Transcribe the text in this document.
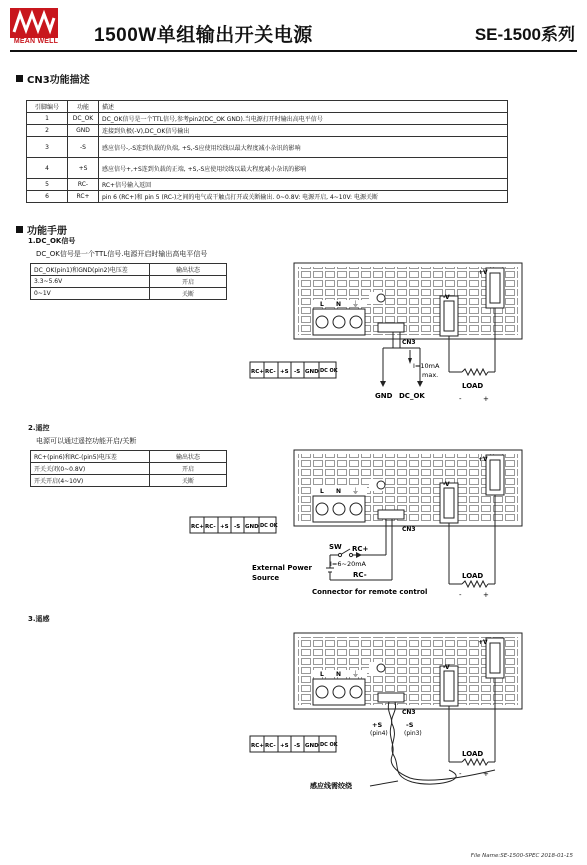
MEAN WELL	1500W单组输出开关电源	SE-1500系列
CN3功能描述
引脚编号	功能	描述
1	DC_OK	DC_OK信号是一个TTL信号,参考pin2(DC_OK GND).当电源打开时输出高电平信号
2	GND	连接到负极(-V),DC_OK信号输出
3	-S	感应信号-,-S连到负载的负端, +S,-S应使用绞线以最大程度减小杂讯的影响
4	+S	感应信号+,+S连到负载的正端, +S,-S应使用绞线以最大程度减小杂讯的影响
5	RC-	RC+信号输入返回
6	RC+	pin 6 (RC+)和 pin 5 (RC-)之间的电气或干触点打开或关断输出. 0~0.8V: 电源开启, 4~10V: 电源关断
功能手册
1.DC_OK信号
DC_OK信号是一个TTL信号.电源开启时输出高电平信号
DC_OK(pin1)和GND(pin2)电压差	输出状态
3.3~5.6V	开启
0~1V	关断
2.遥控
电源可以通过遥控功能开启/关断
RC+(pin6)和RC-(pin5)电压差	输出状态
开关关闭(0~0.8V)	开启
开关开启(4~10V)	关断
3.遥感
L N ⏚
CN3
-V
+V
LOAD
-	+
I=10mA
max.
GND DC_OK
RC+ RC- +S -S GND DC OK
L N ⏚
CN3
-V
+V
LOAD
-	+
SW RC+
RC-
I=6~20mA
External Power
Source
Connector for remote control
RC+ RC- +S -S GND DC OK
L N ⏚
CN3
-V
+V
LOAD
-	+
+S
(pin4)
-S
(pin3)
感应线需绞绕
RC+ RC- +S -S GND DC OK
File Name:SE-1500-SPEC 2018-01-15
